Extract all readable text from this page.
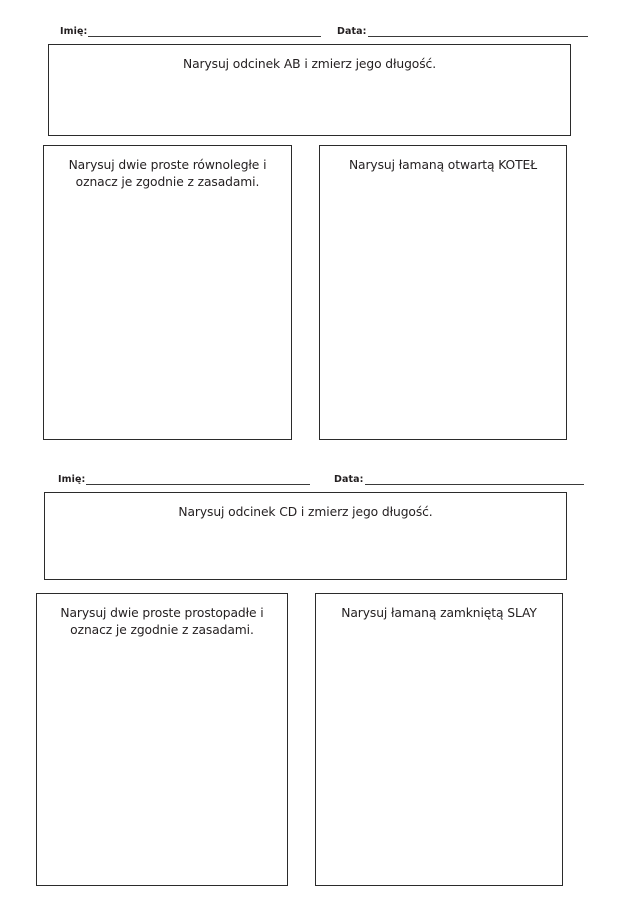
Imię:	Data:
Narysuj odcinek AB i zmierz jego długość.
Narysuj dwie proste równoległe i oznacz je zgodnie z zasadami.
Narysuj łamaną otwartą KOTEŁ
Imię:	Data:
Narysuj odcinek CD i zmierz jego długość.
Narysuj dwie proste prostopadłe i oznacz je zgodnie z zasadami.
Narysuj łamaną zamkniętą SLAY
